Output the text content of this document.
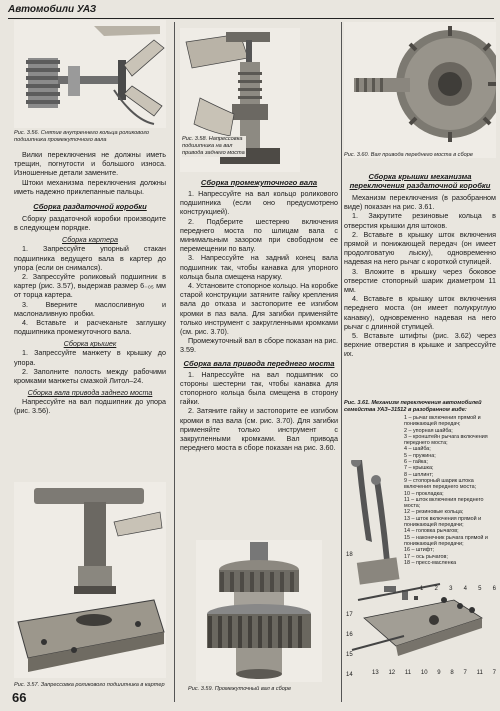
Автомобили УАЗ
Рис. 3.56. Снятие внутреннего кольца роликового подшипника промежуточного вала

Вилки переключения не должны иметь трещин, погнутости и большого износа. Изношенные детали замените.

Штоки механизма переключения должны иметь надежно приклепанные пальцы.

Сборка раздаточной коробки

Сборку раздаточной коробки производите в следующем порядке.

Сборка картера

1. Запрессуйте упорный стакан подшипника ведущего вала в картер до упора (если он снимался).

2. Запрессуйте роликовый подшипник в картер (рис. 3.57), выдержав размер 6₋₀₅ мм от торца картера.

3. Вверните маслосливную и маслоналивную пробки.

4. Вставьте и расчеканьте заглушку подшипника промежуточного вала.

Сборка крышек

1. Запрессуйте манжету в крышку до упора.

2. Заполните полость между рабочими кромками манжеты смазкой Литол–24.

Сборка вала привода заднего моста

Напрессуйте на вал подшипник до упора (рис. 3.56).

Рис. 3.57. Запрессовка роликового подшипника в картер
Рис. 3.58. Напрессовка подшипника на вал привода заднего моста

Сборка промежуточного вала

1. Напрессуйте на вал кольцо роликового подшипника (если оно предусмотрено конструкцией).

2. Подберите шестерню включения переднего моста по шлицам вала с минимальным зазором при свободном ее перемещении по валу.

3. Напрессуйте на задний конец вала подшипник так, чтобы канавка для упорного кольца была смещена наружу.

4. Установите стопорное кольцо. На коробке старой конструкции затяните гайку крепления вала до отказа и застопорите ее изгибом кромки в паз вала. Для загибки применяйте только инструмент с закругленными кромками (см. рис. 3.70).

Промежуточный вал в сборе показан на рис. 3.59.

Сборка вала привода переднего моста

1. Напрессуйте на вал подшипник со стороны шестерни так, чтобы канавка для стопорного кольца была смещена в сторону гайки.

2. Затяните гайку и застопорите ее изгибом кромки в паз вала (см. рис. 3.70). Для загибки применяйте только инструмент с закругленными кромками. Вал привода переднего моста в сборе показан на рис. 3.60.

Рис. 3.59. Промежуточный вал в сборе
Рис. 3.60. Вал привода переднего моста в сборе

Сборка крышки механизма переключения раздаточной коробки

Механизм переключения (в разобранном виде) показан на рис. 3.61.

1. Закрутите резиновые кольца в отверстия крышки для штоков.

2. Вставьте в крышку шток включения прямой и понижающей передач (он имеет продолговатую лыску), одновременно надевая на него рычаг с короткой ступицей.

3. Вложите в крышку через боковое отверстие стопорный шарик диаметром 11 мм.

4. Вставьте в крышку шток включения переднего моста (он имеет полукруглую канавку), одновременно надевая на него рычаг с длинной ступицей.

5. Вставьте штифты (рис. 3.62) через верхние отверстия в крышке и запрессуйте их.

Рис. 3.61. Механизм переключения автомобилей семейства УАЗ–31512 в разобранном виде:
1 – рычаг включения прямой и понижающей передач;
2 – упорная шайба;
3 – кронштейн рычага включения переднего моста;
4 – шайба;
5 – пружина;
6 – гайка;
7 – крышка;
8 – шплинт;
9 – стопорный шарик штока включения переднего моста;
10 – прокладка;
11 – шток включения переднего моста;
12 – резиновые кольца;
13 – шток включения прямой и понижающей передачи;
14 – головка рычагов;
15 – наконечник рычага прямой и понижающей передачи;
16 – штифт;
17 – ось рычагов;
18 – пресс-масленка
18
17
16
15
14	13 12 11 10 9 8 7 11 7
1 2 3 4 5 6
66
